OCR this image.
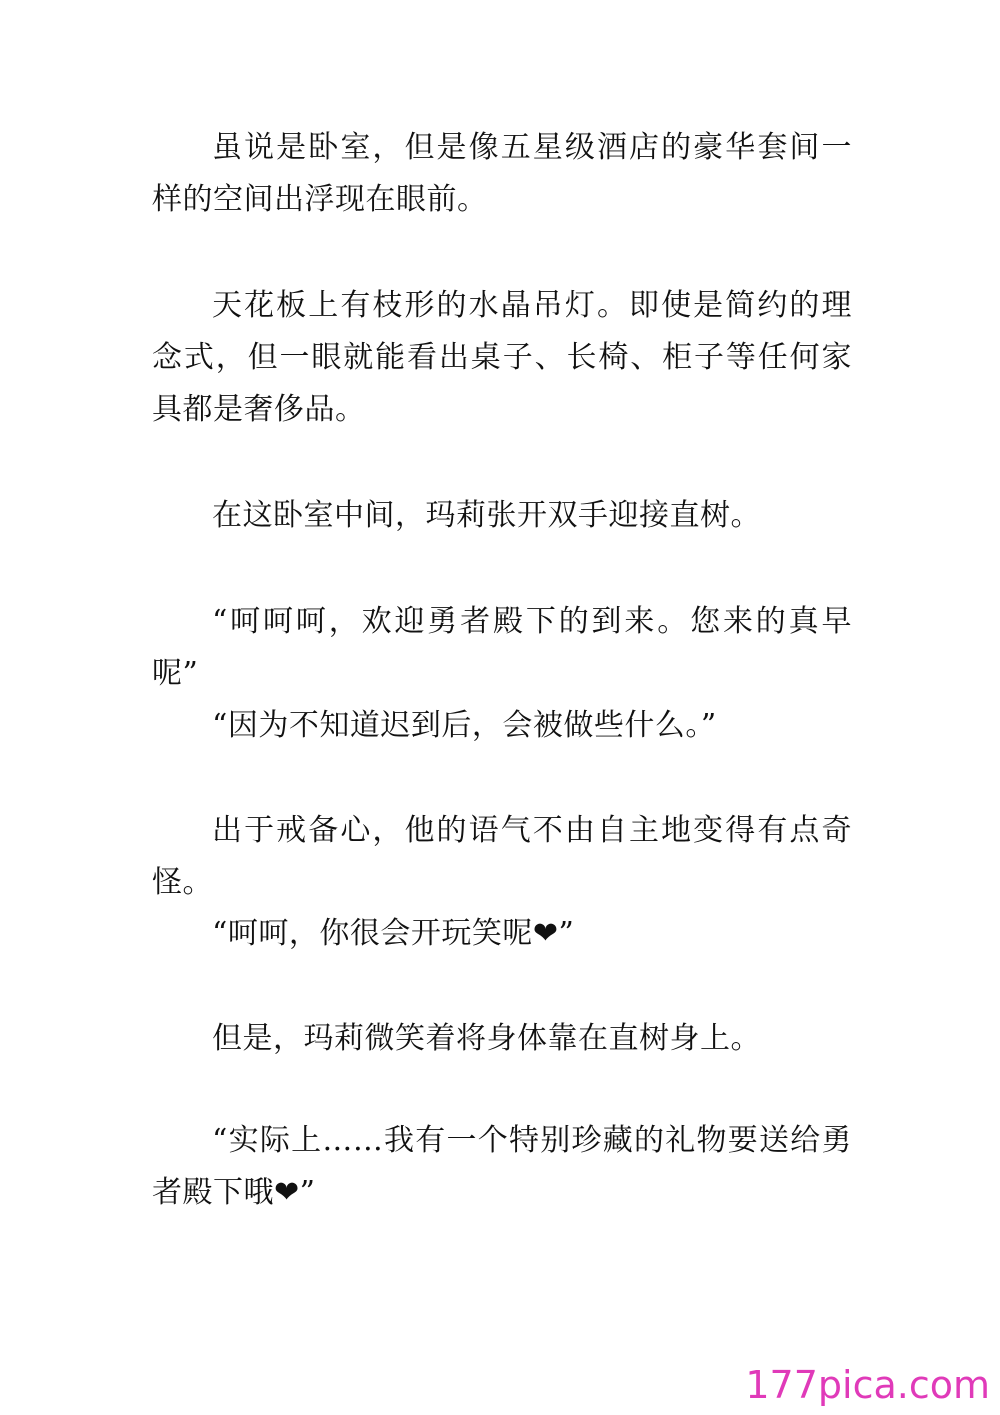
虽说是卧室，但是像五星级酒店的豪华套间一样的空间出浮现在眼前。

天花板上有枝形的水晶吊灯。即使是简约的理念式，但一眼就能看出桌子、长椅、柜子等任何家具都是奢侈品。

在这卧室中间，玛莉张开双手迎接直树。

“呵呵呵，欢迎勇者殿下的到来。您来的真早呢”

“因为不知道迟到后，会被做些什么。”

出于戒备心，他的语气不由自主地变得有点奇怪。

“呵呵，你很会开玩笑呢❤”

但是，玛莉微笑着将身体靠在直树身上。

“实际上……我有一个特别珍藏的礼物要送给勇者殿下哦❤”

177pica.com
